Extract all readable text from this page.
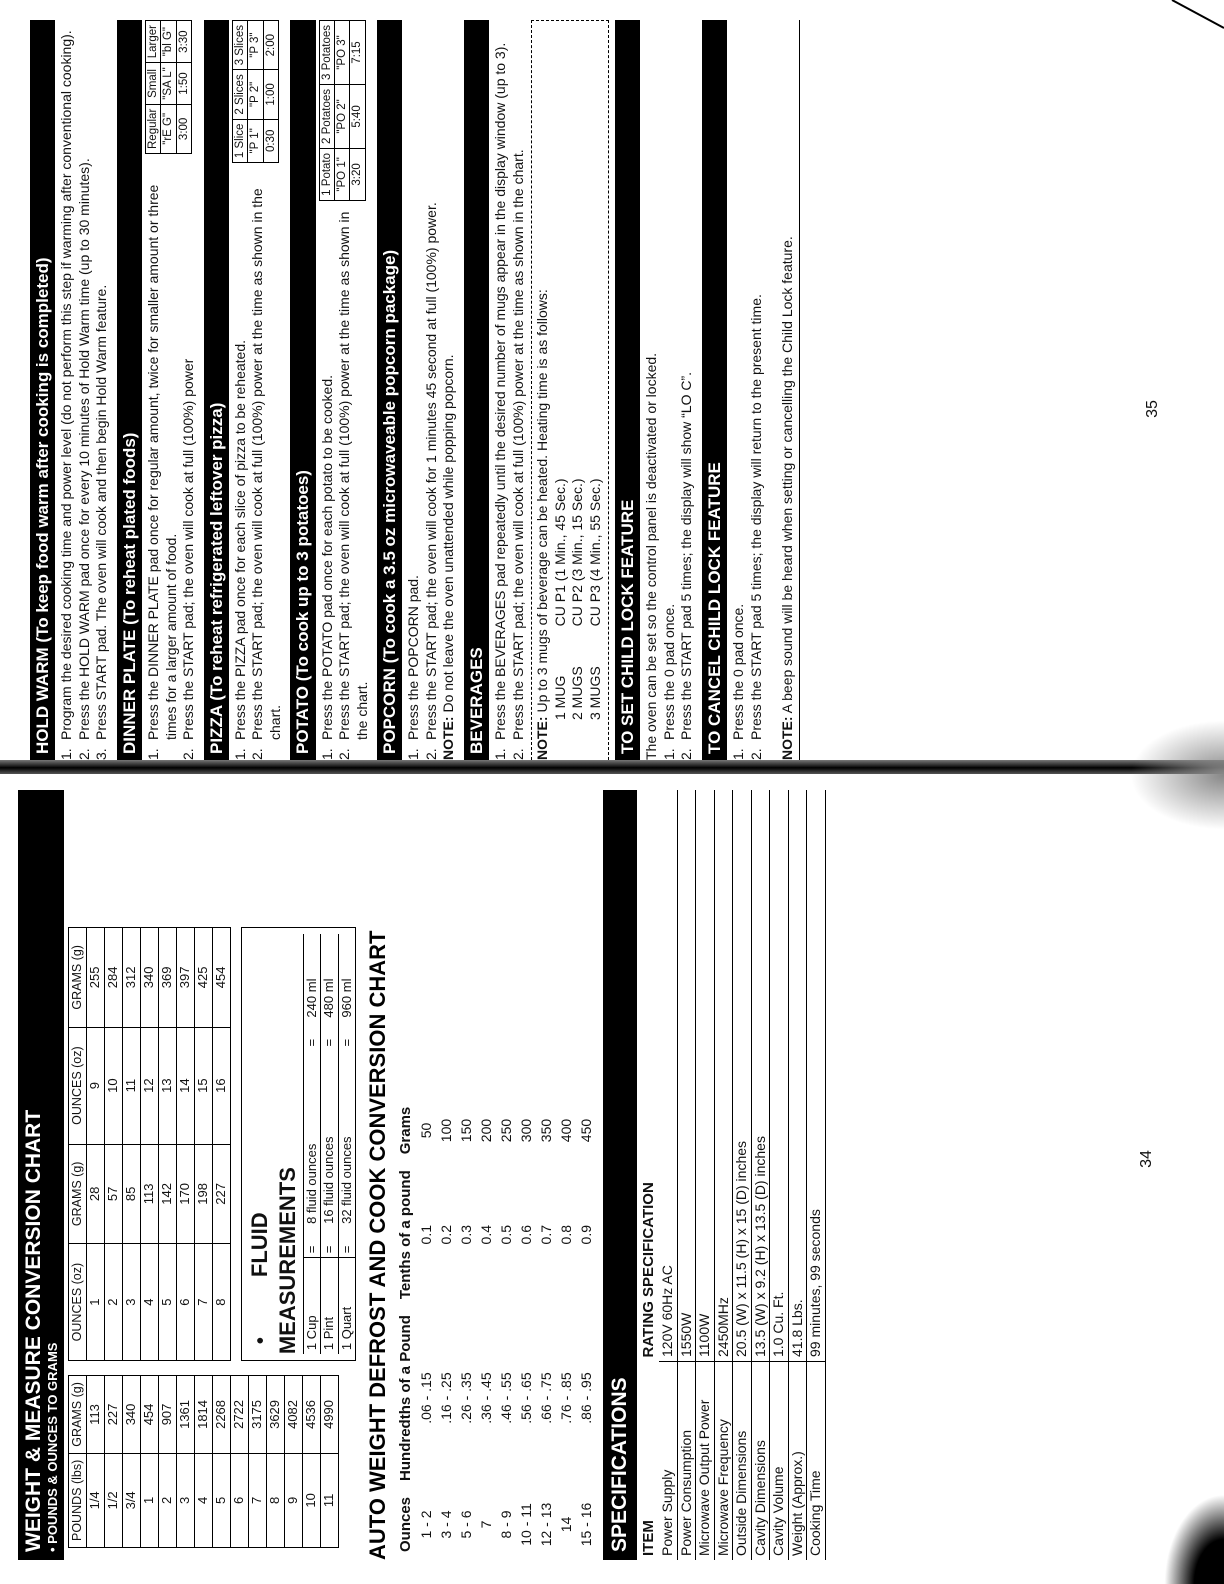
WEIGHT & MEASURE CONVERSION CHART • POUNDS & OUNCES TO GRAMS POUNDS (lbs)	GRAMS (g)
1/4	113
1/2	227
3/4	340
1	454
2	907
3	1361
4	1814
5	2268
6	2722
7	3175
8	3629
9	4082
10	4536
11	4990
OUNCES (oz)	GRAMS (g)	OUNCES (oz)	GRAMS (g)
1	28	9	255
2	57	10	284
3	85	11	312
4	113	12	340
5	142	13	369
6	170	14	397
7	198	15	425
8	227	16	454
•
FLUID MEASUREMENTS 1 Cup	=	8 fluid ounces	=	240 ml
1 Pint	=	16 fluid ounces	=	480 ml
1 Quart	=	32 fluid ounces	=	960 ml AUTO WEIGHT DEFROST AND COOK CONVERSION CHART Ounces	Hundredths of a Pound	Tenths of a pound	Grams
1 - 2	.06 - .15	0.1	50
3 - 4	.16 - .25	0.2	100
5 - 6	.26 - .35	0.3	150
7	.36 - .45	0.4	200
8 - 9	.46 - .55	0.5	250
10 - 11	.56 - .65	0.6	300
12 - 13	.66 - .75	0.7	350
14	.76 - .85	0.8	400
15 - 16	.86 - .95	0.9	450
SPECIFICATIONS ITEM	RATING SPECIFICATION
Power Supply	120V 60Hz AC
Power Consumption	1550W
Microwave Output Power	1100W
Microwave Frequency	2450MHz
Outside Dimensions	20.5 (W) x 11.5 (H) x 15 (D) inches
Cavity Dimensions	13.5 (W) x 9.2 (H) x 13.5 (D) inches
Cavity Volume	1.0 Cu. Ft.
Weight (Approx.)	41.8 Lbs.
Cooking Time	99 minutes, 99 seconds
HOLD WARM (To keep food warm after cooking is completed)
1.
Program the desired cooking time and power level (do not perform this step if warming after conventional cooking).
2.
Press the HOLD WARM pad once for every 10 minutes of Hold Warm time (up to 30 minutes).
3.
Press START pad. The oven will cook and then begin Hold Warm feature. DINNER PLATE (To reheat plated foods)
1.
Press the DINNER PLATE pad once for regular amount, twice for smaller amount or three times for a larger amount of food.
2.
Press the START pad; the oven will cook at full (100%) power
Regular	Small	Larger
"rE G"	"SA L"	"bl G"
3:00	1:50	3:30
PIZZA (To reheat refrigerated leftover pizza)
1.
Press the PIZZA pad once for each slice of pizza to be reheated.
2.
Press the START pad; the oven will cook at full (100%) power at the time as shown in the chart.
1 Slice	2 Slices	3 Slices
"P 1"	"P 2"	"P 3"
0:30	1:00	2:00
POTATO (To cook up to 3 potatoes)
1.
Press the POTATO pad once for each potato to be cooked.
2.
Press the START pad; the oven will cook at full (100%) power at the time as shown in the chart.
1 Potato	2 Potatoes	3 Potatoes
"PO 1"	"PO 2"	"PO 3"
3:20	5:40	7:15
POPCORN (To cook a 3.5 oz microwaveable popcorn package)
1.
Press the POPCORN pad.
2.
Press the START pad; the oven will cook for 1 minutes 45 second at full (100%) power. NOTE: Do not leave the oven unattended while popping popcorn. BEVERAGES
1.
Press the BEVERAGES pad repeatedly until the desired number of mugs appear in the display window (up to 3).
2.
Press the START pad; the oven will cook at full (100%) power at the time as shown in the chart. NOTE: Up to 3 mugs of beverage can be heated. Heating time is as follows: 1 MUG	CU P1 (1 Min., 45 Sec.)
2 MUGS	CU P2 (3 Min., 15 Sec.)
3 MUGS	CU P3 (4 Min., 55 Sec.) TO SET CHILD LOCK FEATURE The oven can be set so the control panel is deactivated or locked. 1.
Press the 0 pad once.
2.
Press the START pad 5 times; the display will show “LO C”. TO CANCEL CHILD LOCK FEATURE
1.
Press the 0 pad once.
2.
Press the START pad 5 times; the display will return to the present time. NOTE: A beep sound will be heard when setting or cancelling the Child Lock feature.
34
35
